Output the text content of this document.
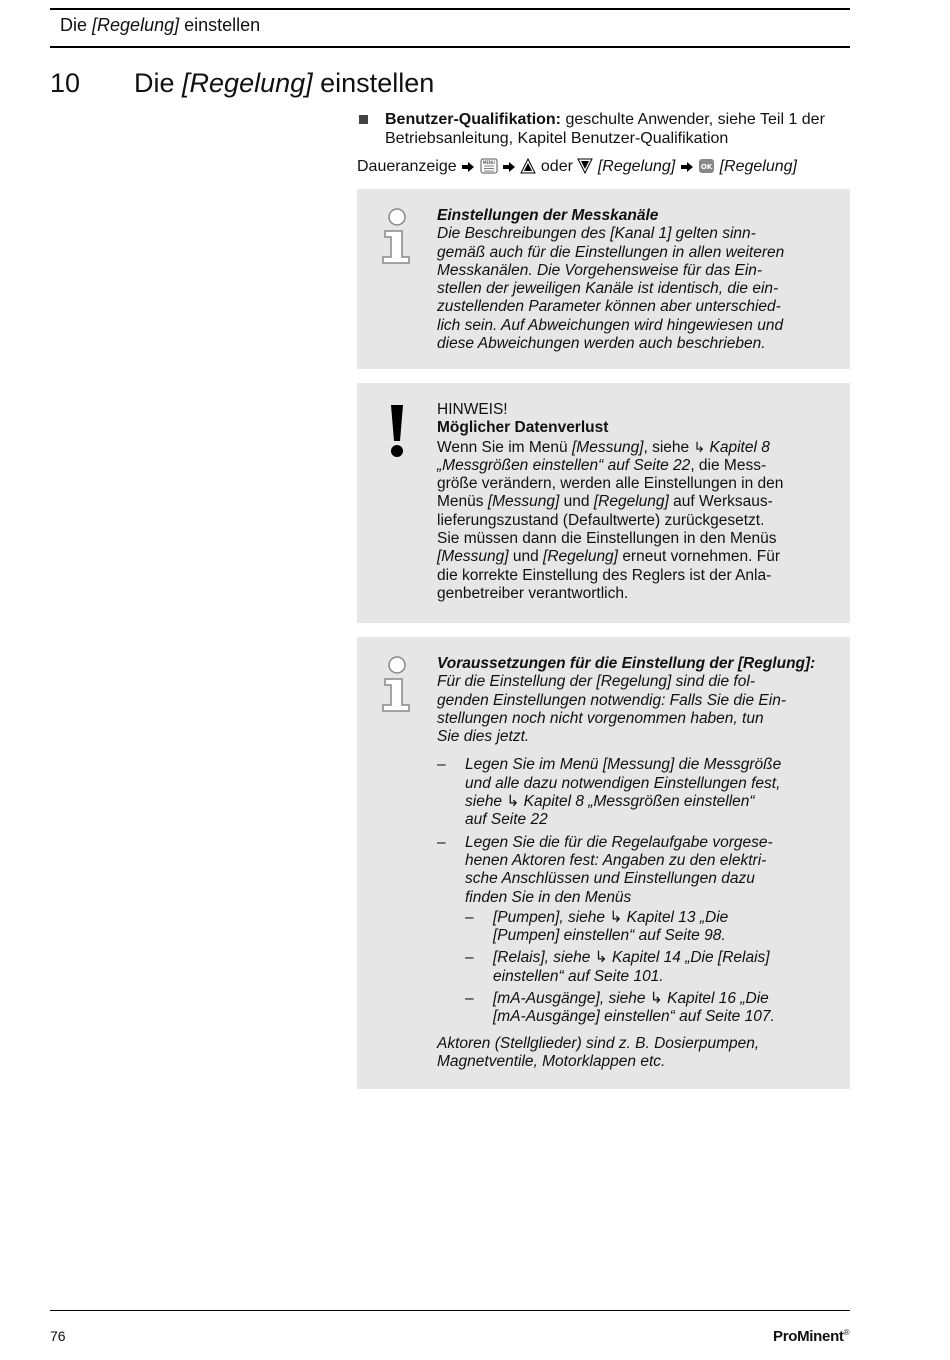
Die [Regelung] einstellen
10 Die [Regelung] einstellen
Benutzer-Qualifikation: geschulte Anwender, siehe Teil 1 der Betriebsanleitung, Kapitel Benutzer-Qualifikation
Daueranzeige	MENU	oder [Regelung]	OK [Regelung]

Einstellungen der Messkanäle

Die Beschreibungen des [Kanal 1] gelten sinn-

gemäß auch für die Einstellungen in allen weiteren

Messkanälen. Die Vorgehensweise für das Ein-

stellen der jeweiligen Kanäle ist identisch, die ein-

zustellenden Parameter können aber unterschied-

lich sein. Auf Abweichungen wird hingewiesen und

diese Abweichungen werden auch beschrieben.

HINWEIS!

Möglicher Datenverlust

Wenn Sie im Menü [Messung], siehe ↳ Kapitel 8

„Messgrößen einstellen“ auf Seite 22, die Mess-

größe verändern, werden alle Einstellungen in den

Menüs [Messung] und [Regelung] auf Werksaus-

lieferungszustand (Defaultwerte) zurückgesetzt.

Sie müssen dann die Einstellungen in den Menüs

[Messung] und [Regelung] erneut vornehmen. Für

die korrekte Einstellung des Reglers ist der Anla-

genbetreiber verantwortlich.

Voraussetzungen für die Einstellung der [Reglung]:

Für die Einstellung der [Regelung] sind die fol-

genden Einstellungen notwendig: Falls Sie die Ein-

stellungen noch nicht vorgenommen haben, tun

Sie dies jetzt.

– Legen Sie im Menü [Messung] die Messgröße

und alle dazu notwendigen Einstellungen fest,

siehe ↳ Kapitel 8 „Messgrößen einstellen“

auf Seite 22

– Legen Sie die für die Regelaufgabe vorgese-

henen Aktoren fest: Angaben zu den elektri-

sche Anschlüssen und Einstellungen dazu

finden Sie in den Menüs

– [Pumpen], siehe ↳ Kapitel 13 „Die

[Pumpen] einstellen“ auf Seite 98.

– [Relais], siehe ↳ Kapitel 14 „Die [Relais]

einstellen“ auf Seite 101.

– [mA-Ausgänge], siehe ↳ Kapitel 16 „Die

[mA-Ausgänge] einstellen“ auf Seite 107.

Aktoren (Stellglieder) sind z. B. Dosierpumpen,

Magnetventile, Motorklappen etc.

76	ProMinent®
